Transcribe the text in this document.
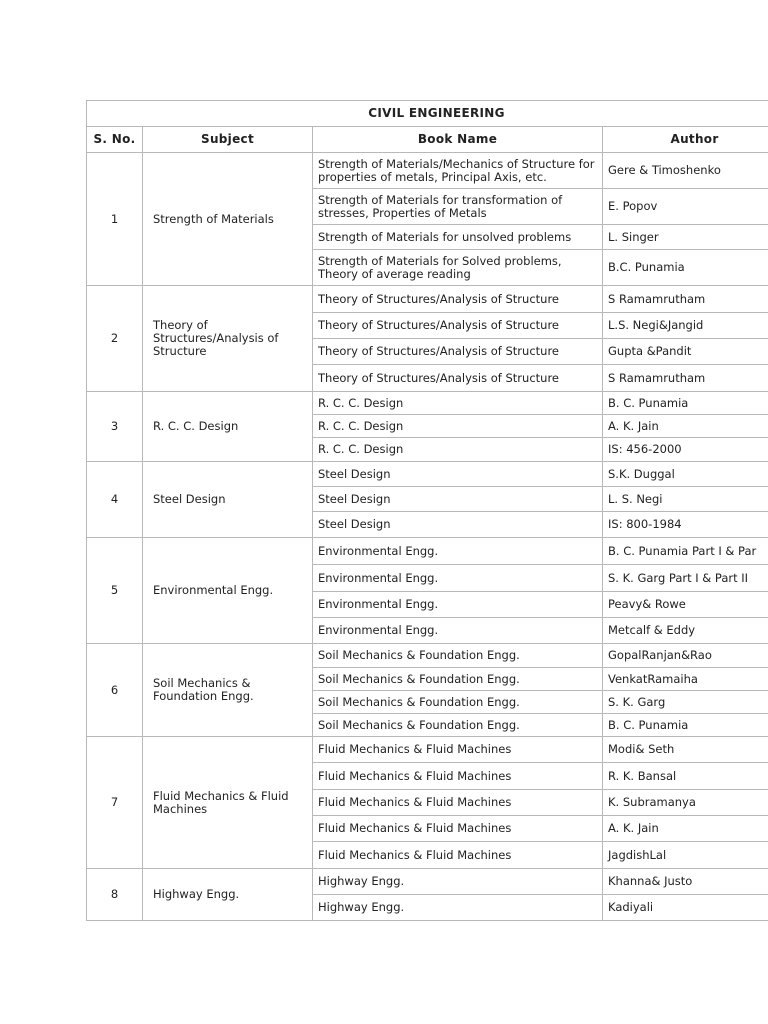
CIVIL ENGINEERING			
S. No.	Subject	Book Name	Author
1	Strength of Materials	Strength of Materials/Mechanics of Structure for properties of metals, Principal Axis, etc.	Gere & Timoshenko
		Strength of Materials for transformation of stresses, Properties of Metals	E. Popov
		Strength of Materials for unsolved problems	L. Singer
		Strength of Materials for Solved problems, Theory of average reading	B.C. Punamia
2	Theory of Structures/Analysis of Structure	Theory of Structures/Analysis of Structure	S Ramamrutham
		Theory of Structures/Analysis of Structure	L.S. Negi&Jangid
		Theory of Structures/Analysis of Structure	Gupta &Pandit
		Theory of Structures/Analysis of Structure	S Ramamrutham
3	R. C. C. Design	R. C. C. Design	B. C. Punamia
		R. C. C. Design	A. K. Jain
		R. C. C. Design	IS: 456-2000
4	Steel Design	Steel Design	S.K. Duggal
		Steel Design	L. S. Negi
		Steel Design	IS: 800-1984
5	Environmental Engg.	Environmental Engg.	B. C. Punamia Part I & Par
		Environmental Engg.	S. K. Garg Part I & Part II
		Environmental Engg.	Peavy& Rowe
		Environmental Engg.	Metcalf & Eddy
6	Soil Mechanics & Foundation Engg.	Soil Mechanics & Foundation Engg.	GopalRanjan&Rao
		Soil Mechanics & Foundation Engg.	VenkatRamaiha
		Soil Mechanics & Foundation Engg.	S. K. Garg
		Soil Mechanics & Foundation Engg.	B. C. Punamia
7	Fluid Mechanics & Fluid Machines	Fluid Mechanics & Fluid Machines	Modi& Seth
		Fluid Mechanics & Fluid Machines	R. K. Bansal
		Fluid Mechanics & Fluid Machines	K. Subramanya
		Fluid Mechanics & Fluid Machines	A. K. Jain
		Fluid Mechanics & Fluid Machines	JagdishLal
8	Highway Engg.	Highway Engg.	Khanna& Justo
		Highway Engg.	Kadiyali
